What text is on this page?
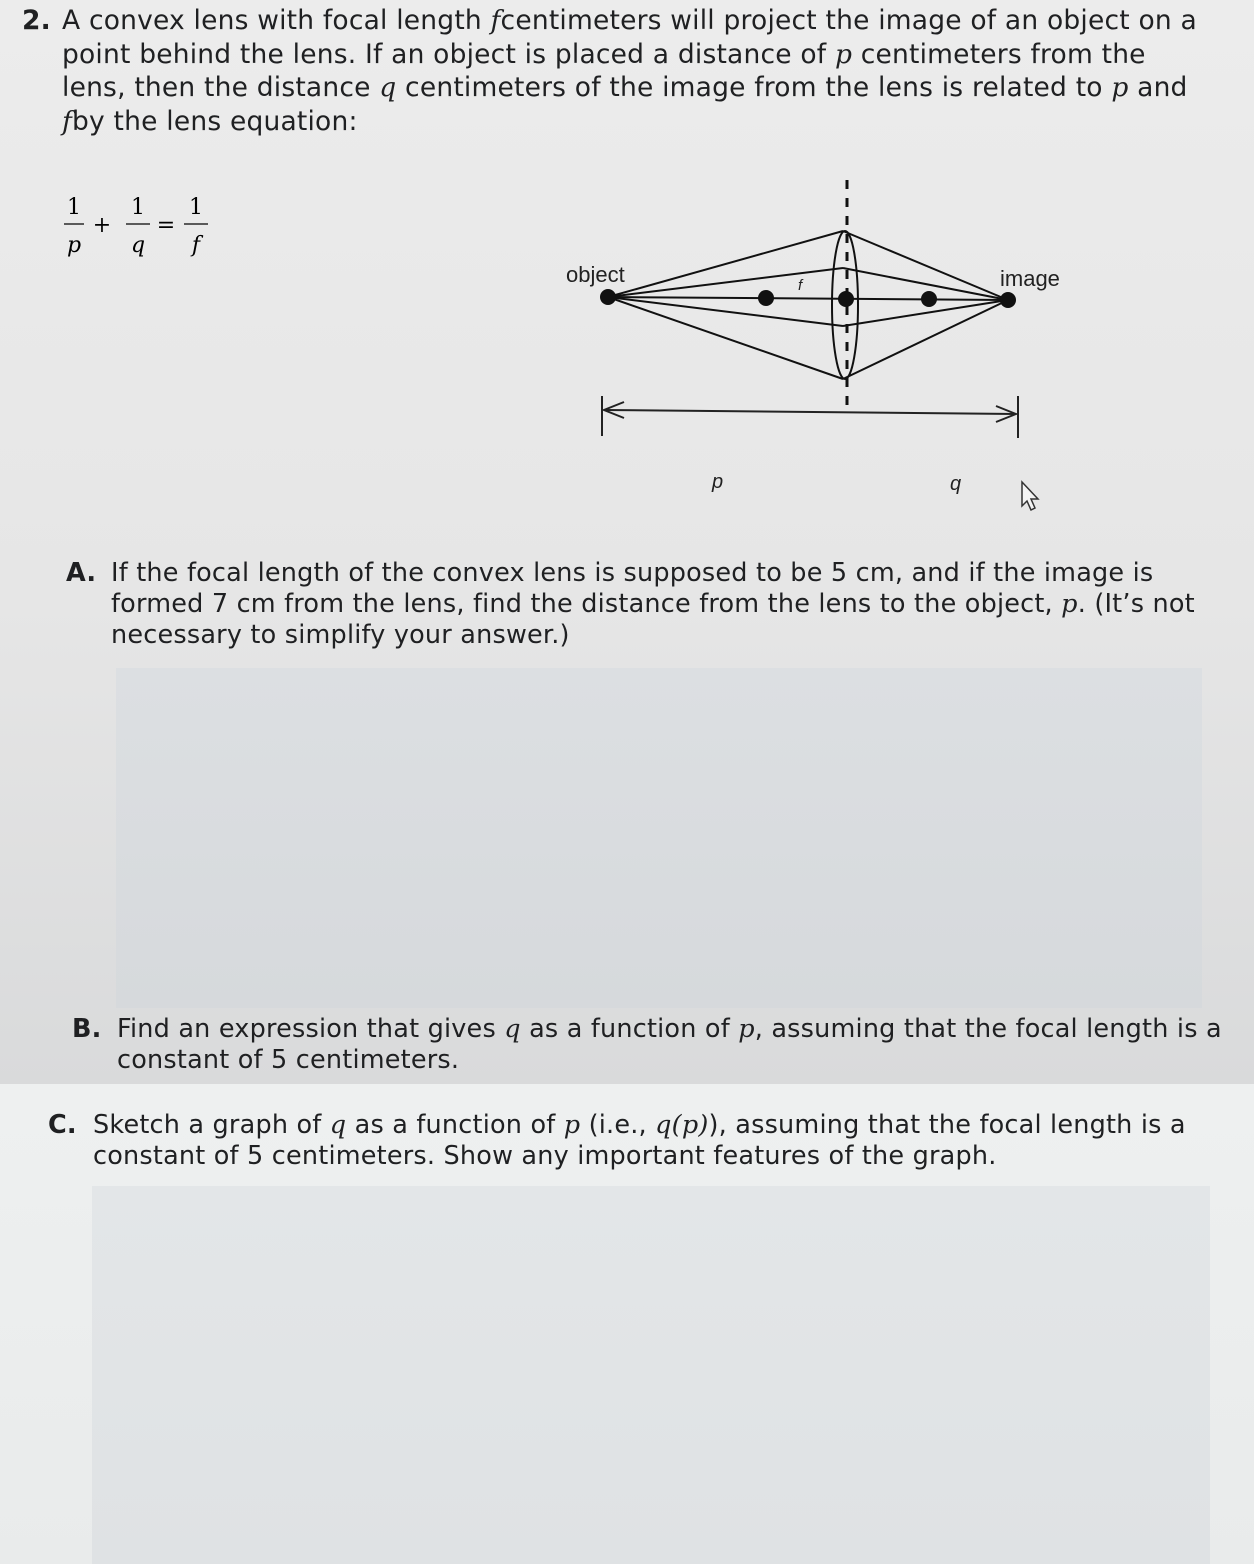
2. A convex lens with focal length fcentimeters will project the image of an object on a point behind the lens. If an object is placed a distance of p centimeters from the lens, then the distance q centimeters of the image from the lens is related to p and fby the lens equation:
1
p
+
1
q
=
1
f
object	image
f
p	q
A. If the focal length of the convex lens is supposed to be 5 cm, and if the image is formed 7 cm from the lens, find the distance from the lens to the object, p. (It’s not necessary to simplify your answer.)
B. Find an expression that gives q as a function of p, assuming that the focal length is a constant of 5 centimeters.
C. Sketch a graph of q as a function of p (i.e., q(p)), assuming that the focal length is a constant of 5 centimeters. Show any important features of the graph.
